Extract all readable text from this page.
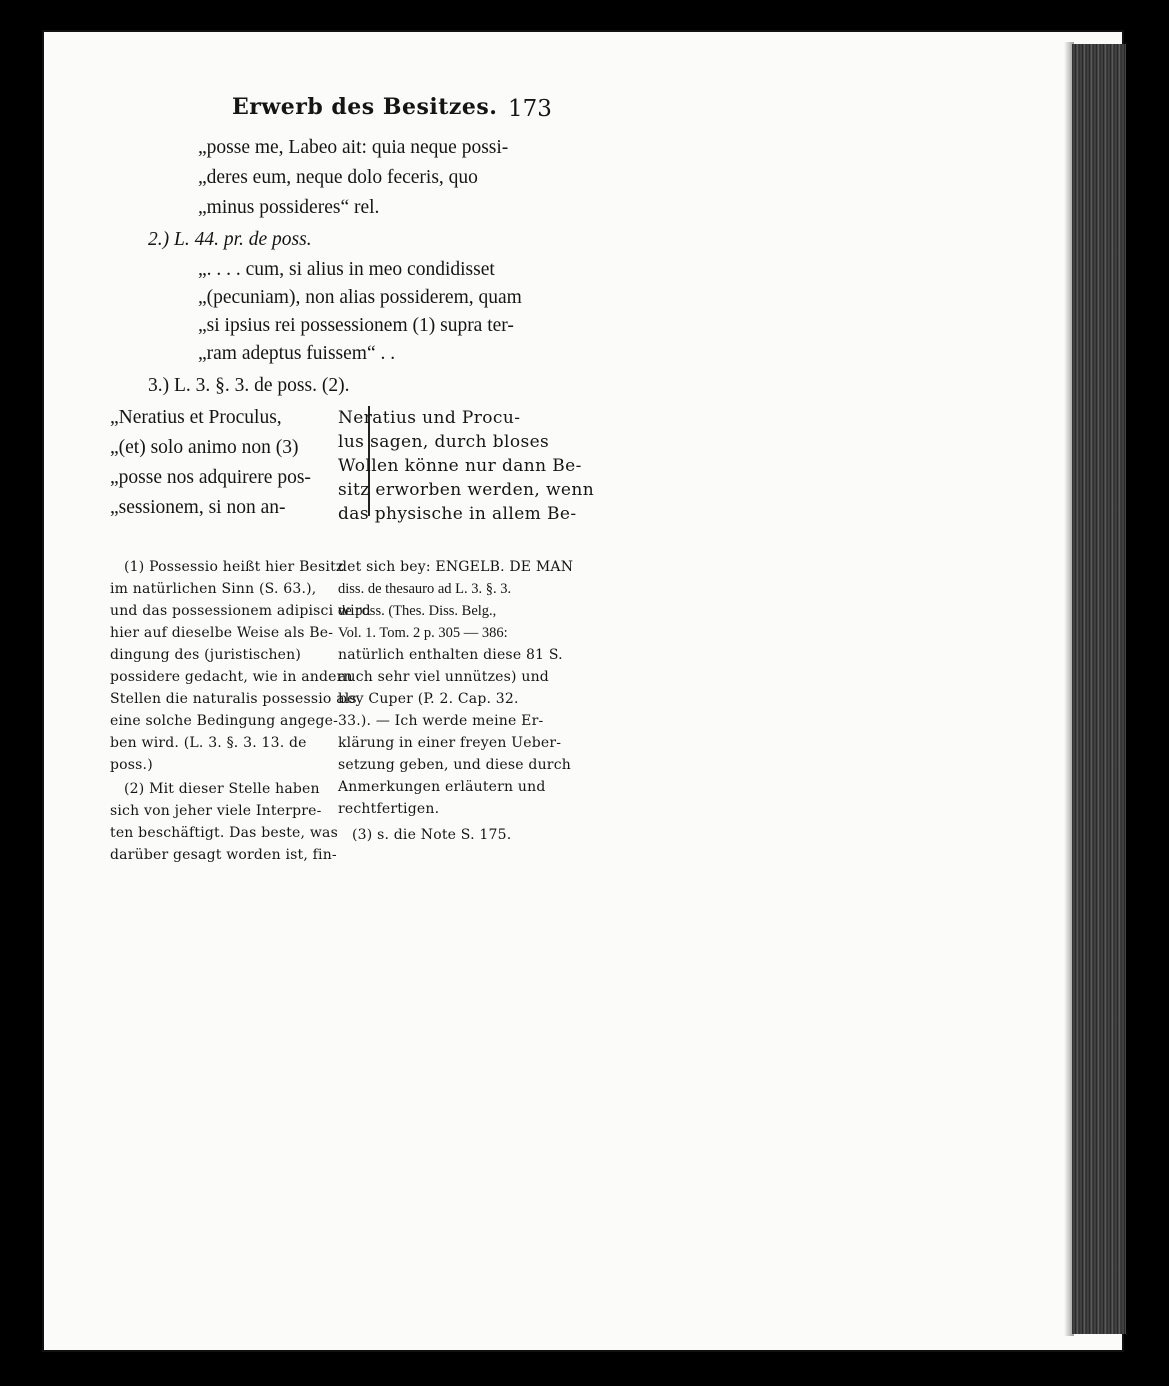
Erwerb des Besitzes. 173
„posse me, Labeo ait: quia neque possi-
„deres eum, neque dolo feceris, quo
„minus possideres“ rel.
2.) L. 44. pr. de poss.
„. . . . cum, si alius in meo condidisset
„(pecuniam), non alias possiderem, quam
„si ipsius rei possessionem (1) supra ter-
„ram adeptus fuissem“ . .
3.) L. 3. §. 3. de poss. (2).
„Neratius et Proculus,
„(et) solo animo non (3)
„posse nos adquirere pos-
„sessionem, si non an-
Neratius und Procu-
lus sagen, durch bloses
Wollen könne nur dann Be-
sitz erworben werden, wenn
das physische in allem Be-
(1) Possessio heißt hier Besitz
im natürlichen Sinn (S. 63.),
und das possessionem adipisci wird
hier auf dieselbe Weise als Be-
dingung des (juristischen)
possidere gedacht, wie in andern
Stellen die naturalis possessio als
eine solche Bedingung angege-
ben wird. (L. 3. §. 3. 13. de
poss.)
(2) Mit dieser Stelle haben
sich von jeher viele Interpre-
ten beschäftigt. Das beste, was
darüber gesagt worden ist, fin-
det sich bey: ENGELB. DE MAN
diss. de thesauro ad L. 3. §. 3.
de poss. (Thes. Diss. Belg.,
Vol. 1. Tom. 2 p. 305 — 386:
natürlich enthalten diese 81 S.
auch sehr viel unnützes) und
bey Cuper (P. 2. Cap. 32.
33.). — Ich werde meine Er-
klärung in einer freyen Ueber-
setzung geben, und diese durch
Anmerkungen erläutern und
rechtfertigen.
(3) s. die Note S. 175.
